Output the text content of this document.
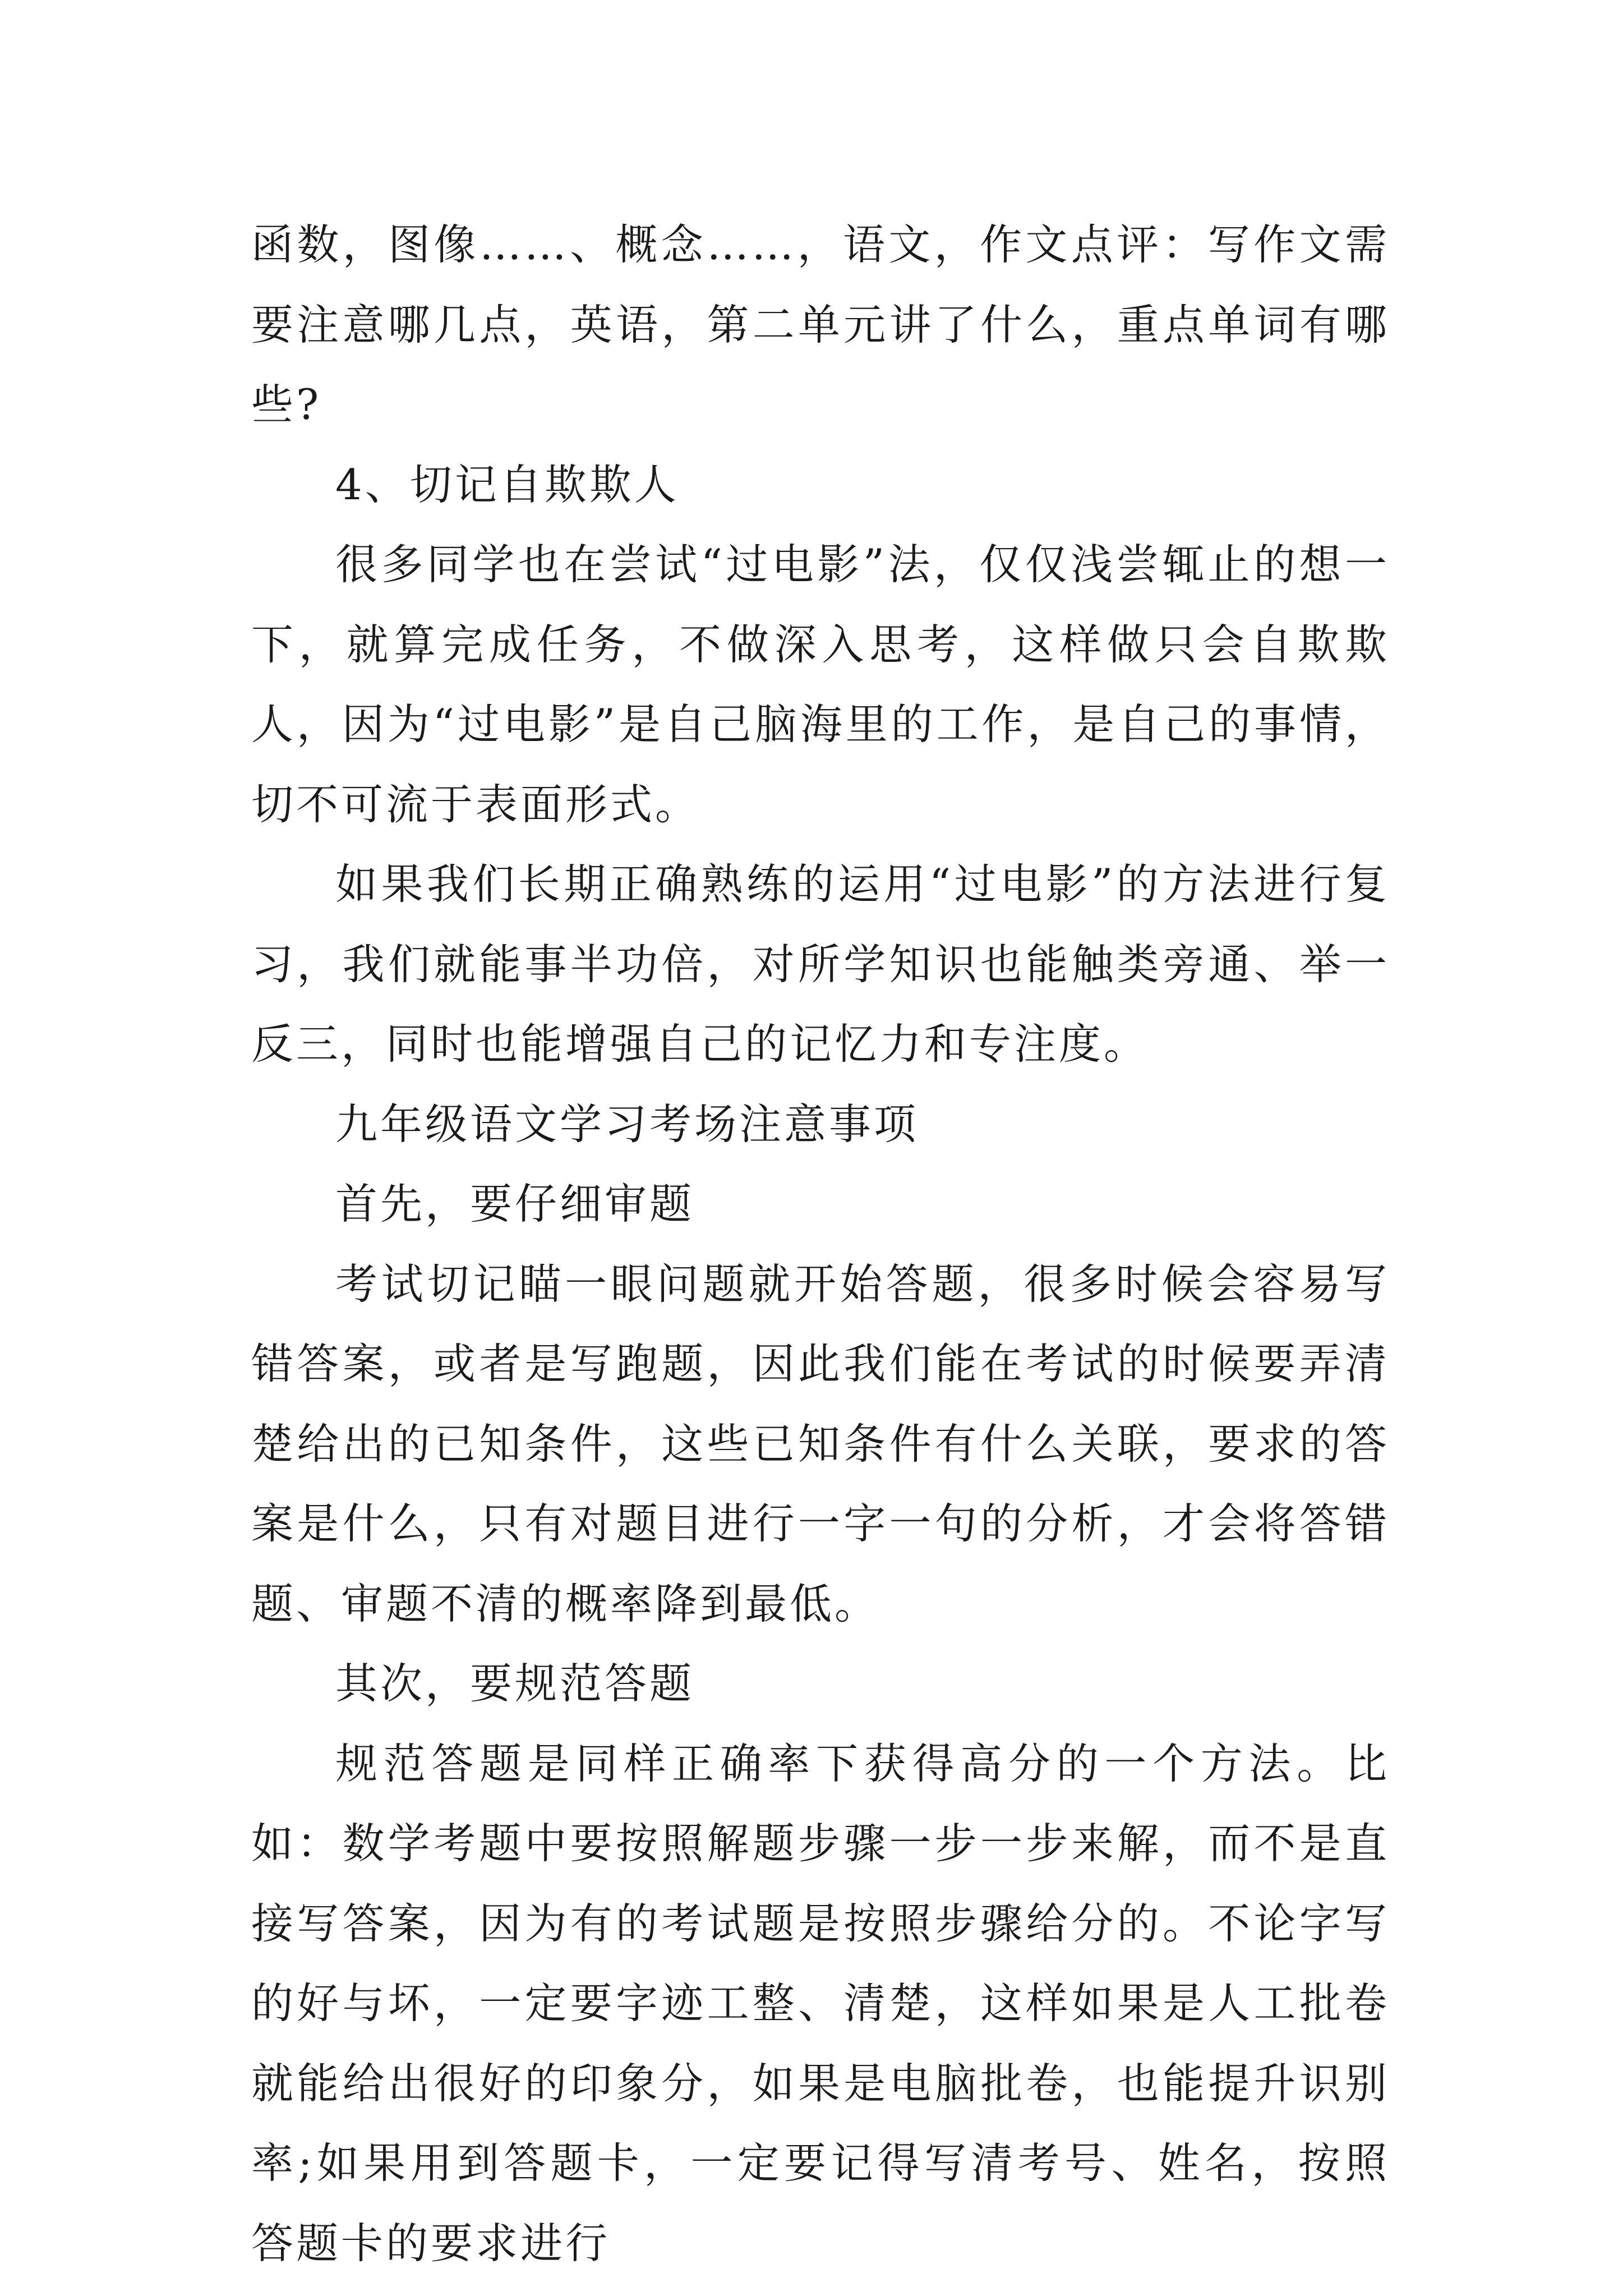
函数，图像……、概念……，语文，作文点评：写作文需要注意哪几点，英语，第二单元讲了什么，重点单词有哪些?

4、切记自欺欺人

很多同学也在尝试“过电影”法，仅仅浅尝辄止的想一下，就算完成任务，不做深入思考，这样做只会自欺欺人，因为“过电影”是自己脑海里的工作，是自己的事情，切不可流于表面形式。

如果我们长期正确熟练的运用“过电影”的方法进行复习，我们就能事半功倍，对所学知识也能触类旁通、举一反三，同时也能增强自己的记忆力和专注度。

九年级语文学习考场注意事项

首先，要仔细审题

考试切记瞄一眼问题就开始答题，很多时候会容易写错答案，或者是写跑题，因此我们能在考试的时候要弄清楚给出的已知条件，这些已知条件有什么关联，要求的答案是什么，只有对题目进行一字一句的分析，才会将答错题、审题不清的概率降到最低。

其次，要规范答题

规范答题是同样正确率下获得高分的一个方法。比如：数学考题中要按照解题步骤一步一步来解，而不是直接写答案，因为有的考试题是按照步骤给分的。不论字写的好与坏，一定要字迹工整、清楚，这样如果是人工批卷就能给出很好的印象分，如果是电脑批卷，也能提升识别率;如果用到答题卡，一定要记得写清考号、姓名，按照答题卡的要求进行
